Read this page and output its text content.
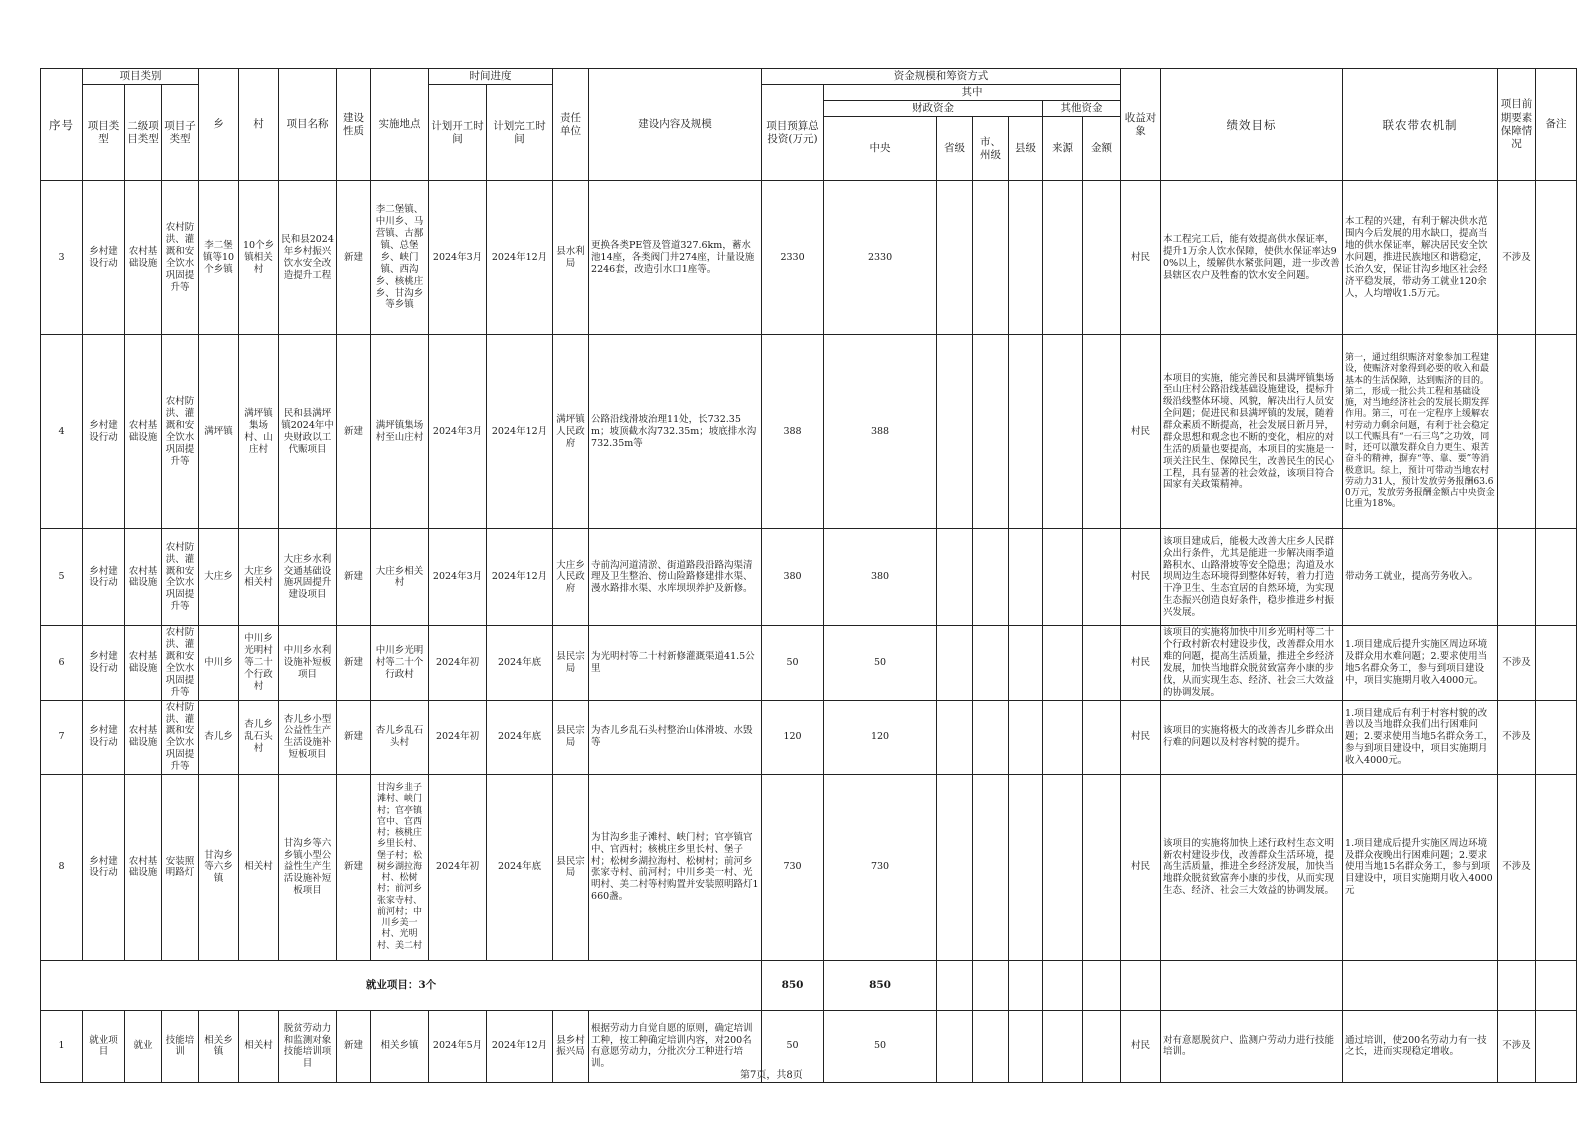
序号	项目类别			乡	村	项目名称	建设性质	实施地点	时间进度		责任单位	建设内容及规模	资金规模和筹资方式							收益对象	绩效目标	联农带农机制	项目前期要素保障情况	备注
	项目类型	二级项目类型	项目子类型						计划开工时间	计划完工时间			项目预算总投资(万元)	其中										
														财政资金				其他资金						
														中央	省级	市、州级	县级	来源	金额					
3	乡村建设行动	农村基础设施	农村防洪、灌溉和安全饮水巩固提升等	李二堡镇等10个乡镇	10个乡镇相关村	民和县2024年乡村振兴饮水安全改造提升工程	新建	李二堡镇、中川乡、马营镇、古鄯镇、总堡乡、峡门镇、西沟乡、核桃庄乡、甘沟乡等乡镇	2024年3月	2024年12月	县水利局	更换各类PE管及管道327.6km，蓄水池14座，各类阀门井274座，计量设施2246套，改造引水口1座等。	2330	2330						村民	本工程完工后，能有效提高供水保证率，提升1万余人饮水保障，使供水保证率达90%以上，缓解供水紧张问题，进一步改善县辖区农户及牲畜的饮水安全问题。	本工程的兴建，有利于解决供水范围内今后发展的用水缺口，提高当地的供水保证率，解决居民安全饮水问题，推进民族地区和谐稳定，长治久安，保证甘沟乡地区社会经济平稳发展，带动务工就业120余人，人均增收1.5万元。	不涉及	
4	乡村建设行动	农村基础设施	农村防洪、灌溉和安全饮水巩固提升等	满坪镇	满坪镇集场村、山庄村	民和县满坪镇2024年中央财政以工代赈项目	新建	满坪镇集场村至山庄村	2024年3月	2024年12月	满坪镇人民政府	公路沿线滑坡治理11处，长732.35m；坡顶截水沟732.35m；坡底排水沟732.35m等	388	388						村民	本项目的实施，能完善民和县满坪镇集场至山庄村公路沿线基础设施建设，提标升级沿线整体环境、风貌，解决出行人员安全问题；促进民和县满坪镇的发展，随着群众素质不断提高，社会发展日新月异，群众思想和观念也不断的变化，相应的对生活的质量也要提高，本项目的实施是一项关注民生、保障民生，改善民生的民心工程，具有显著的社会效益，该项目符合国家有关政策精神。	第一，通过组织赈济对象参加工程建设，使赈济对象得到必要的收入和最基本的生活保障，达到赈济的目的。第二，形成一批公共工程和基础设施，对当地经济社会的发展长期发挥作用。第三，可在一定程序上缓解农村劳动力剩余问题，有利于社会稳定以工代赈具有“一石三鸟”之功效，同时，还可以激发群众自力更生、艰苦奋斗的精神，摒弃“等、靠、要”等消极意识。综上，预计可带动当地农村劳动力31人，预计发放劳务报酬63.60万元，发放劳务报酬金额占中央资金比重为18%。		
5	乡村建设行动	农村基础设施	农村防洪、灌溉和安全饮水巩固提升等	大庄乡	大庄乡相关村	大庄乡水利交通基础设施巩固提升建设项目	新建	大庄乡相关村	2024年3月	2024年12月	大庄乡人民政府	寺前沟河道清淤、街道路段沿路沟渠清理及卫生整治、傍山险路修建排水渠、漫水路排水渠、水库坝坝养护及新修。	380	380						村民	该项目建成后，能极大改善大庄乡人民群众出行条件，尤其是能进一步解决雨季道路积水、山路滑坡等安全隐患；沟道及水坝周边生态环境得到整体好转，着力打造干净卫生、生态宜居的自然环境，为实现生态振兴创造良好条件，稳步推进乡村振兴发展。	带动务工就业，提高劳务收入。		
6	乡村建设行动	农村基础设施	农村防洪、灌溉和安全饮水巩固提升等	中川乡	中川乡光明村等二十个行政村	中川乡水利设施补短板项目	新建	中川乡光明村等二十个行政村	2024年初	2024年底	县民宗局	为光明村等二十村新修灌溉渠道41.5公里	50	50						村民	该项目的实施将加快中川乡光明村等二十个行政村新农村建设步伐，改善群众用水难的问题，提高生活质量，推进全乡经济发展，加快当地群众脱贫致富奔小康的步伐，从而实现生态、经济、社会三大效益的协调发展。	1.项目建成后提升实施区周边环境及群众用水难问题；2.要求使用当地5名群众务工，参与到项目建设中，项目实施期月收入4000元。	不涉及	
7	乡村建设行动	农村基础设施	农村防洪、灌溉和安全饮水巩固提升等	杏儿乡	杏儿乡乱石头村	杏儿乡小型公益性生产生活设施补短板项目	新建	杏儿乡乱石头村	2024年初	2024年底	县民宗局	为杏儿乡乱石头村整治山体滑坡、水毁等	120	120						村民	该项目的实施将极大的改善杏儿乡群众出行难的问题以及村容村貌的提升。	1.项目建成后有利于村容村貌的改善以及当地群众我们出行困难问题；2.要求使用当地5名群众务工，参与到项目建设中，项目实施期月收入4000元。	不涉及	
8	乡村建设行动	农村基础设施	安装照明路灯	甘沟乡等六乡镇	相关村	甘沟乡等六乡镇小型公益性生产生活设施补短板项目	新建	甘沟乡韭子滩村、峡门村；官亭镇官中、官西村；核桃庄乡里长村、堡子村；松树乡湖拉海村、松树村；前河乡张家寺村、前河村；中川乡美一村、光明村、美二村	2024年初	2024年底	县民宗局	为甘沟乡韭子滩村、峡门村；官亭镇官中、官西村；核桃庄乡里长村、堡子村；松树乡湖拉海村、松树村；前河乡张家寺村、前河村；中川乡美一村、光明村、美二村等村购置并安装照明路灯1660盏。	730	730						村民	该项目的实施将加快上述行政村生态文明新农村建设步伐，改善群众生活环境，提高生活质量，推进全乡经济发展，加快当地群众脱贫致富奔小康的步伐，从而实现生态、经济、社会三大效益的协调发展。	1.项目建成后提升实施区周边环境及群众夜晚出行困难问题；2.要求使用当地15名群众务工，参与到项目建设中，项目实施期月收入4000元	不涉及	
就业项目：3个													850	850										
1	就业项目	就业	技能培训	相关乡镇	相关村	脱贫劳动力和监测对象技能培训项目	新建	相关乡镇	2024年5月	2024年12月	县乡村振兴局	根据劳动力自觉自愿的原则，确定培训工种，按工种确定培训内容，对200名有意愿劳动力，分批次分工种进行培训。	50	50						村民	对有意愿脱贫户、监测户劳动力进行技能培训。	通过培训，使200名劳动力有一技之长，进而实现稳定增收。	不涉及	
第7页，共8页
